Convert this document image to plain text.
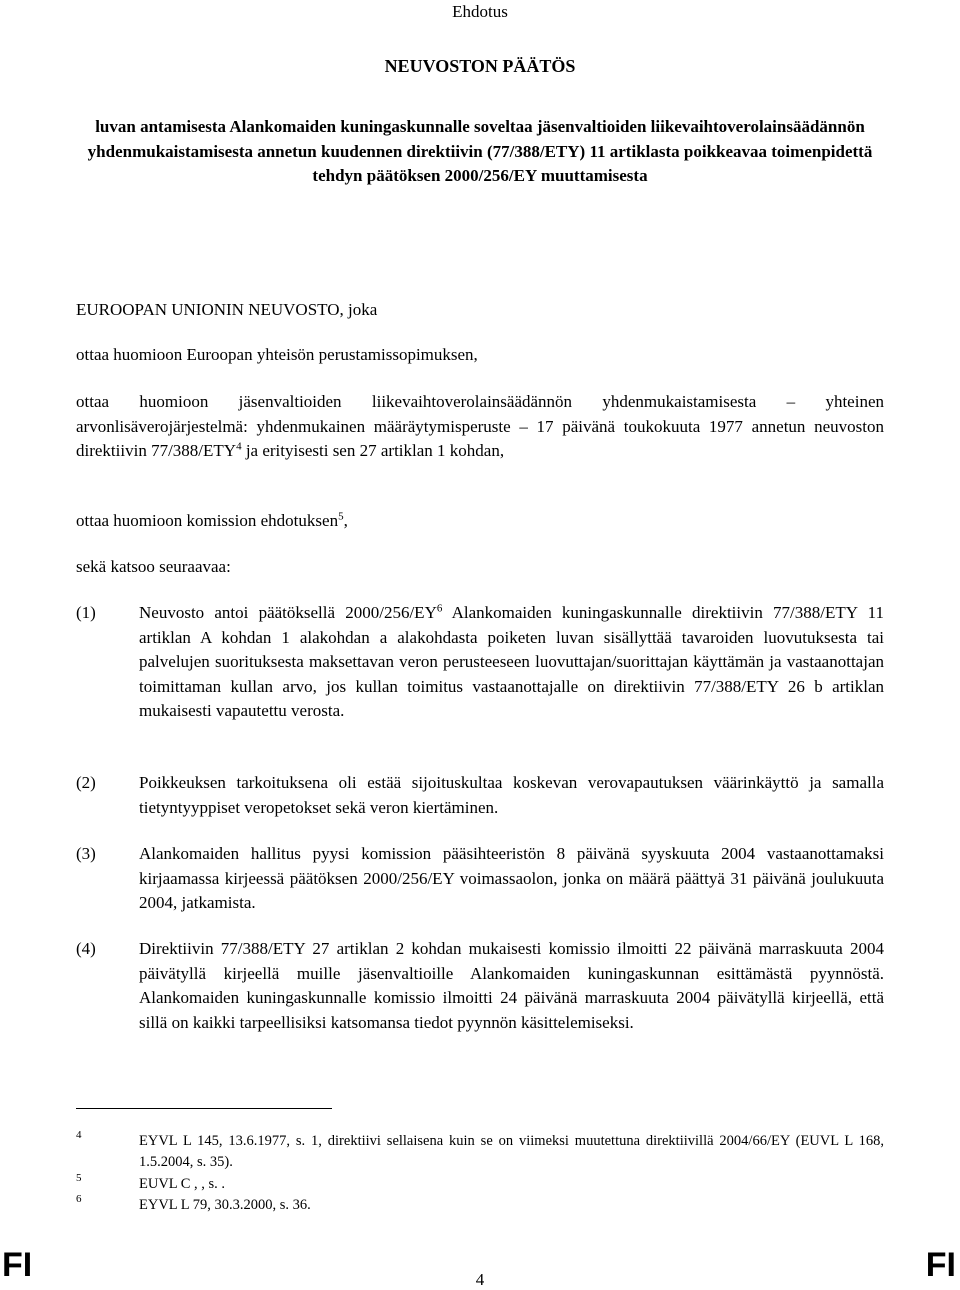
Ehdotus
NEUVOSTON PÄÄTÖS
luvan antamisesta Alankomaiden kuningaskunnalle soveltaa jäsenvaltioiden liikevaihtoverolainsäädännön yhdenmukaistamisesta annetun kuudennen direktiivin (77/388/ETY) 11 artiklasta poikkeavaa toimenpidettä tehdyn päätöksen 2000/256/EY muuttamisesta
EUROOPAN UNIONIN NEUVOSTO, joka
ottaa huomioon Euroopan yhteisön perustamissopimuksen,
ottaa huomioon jäsenvaltioiden liikevaihtoverolainsäädännön yhdenmukaistamisesta – yhteinen arvonlisäverojärjestelmä: yhdenmukainen määräytymisperuste – 17 päivänä toukokuuta 1977 annetun neuvoston direktiivin 77/388/ETY$^4$ ja erityisesti sen 27 artiklan 1 kohdan,
ottaa huomioon komission ehdotuksen$^5$,
sekä katsoo seuraavaa:
(1)	Neuvosto antoi päätöksellä $2000/256/EY^6$ Alankomaiden kuningaskunnalle direktiivin 77/388/ETY 11 artiklan A kohdan 1 alakohdan a alakohdasta poiketen luvan sisällyttää tavaroiden luovutuksesta tai palvelujen suorituksesta maksettavan veron perusteeseen luovuttajan/suorittajan käyttämän ja vastaanottajan toimittaman kullan arvo, jos kullan toimitus vastaanottajalle on direktiivin 77/388/ETY 26 b artiklan mukaisesti vapautettu verosta.
(2)	Poikkeuksen tarkoituksena oli estää sijoituskultaa koskevan verovapautuksen väärinkäyttö ja samalla tietyntyyppiset veropetokset sekä veron kiertäminen.
(3)	Alankomaiden hallitus pyysi komission pääsihteeristön 8 päivänä syyskuuta 2004 vastaanottamaksi kirjaamassa kirjeessä päätöksen 2000/256/EY voimassaolon, jonka on määrä päättyä 31 päivänä joulukuuta 2004, jatkamista.
(4)	Direktiivin 77/388/ETY 27 artiklan 2 kohdan mukaisesti komissio ilmoitti 22 päivänä marraskuuta 2004 päivätyllä kirjeellä muille jäsenvaltioille Alankomaiden kuningaskunnan esittämästä pyynnöstä. Alankomaiden kuningaskunnalle komissio ilmoitti 24 päivänä marraskuuta 2004 päivätyllä kirjeellä, että sillä on kaikki tarpeellisiksi katsomansa tiedot pyynnön käsittelemiseksi.
4	EYVL L 145, 13.6.1977, s. 1, direktiivi sellaisena kuin se on viimeksi muutettuna direktiivillä 2004/66/EY (EUVL L 168, 1.5.2004, s. 35).
5	EUVL C , , s. .
6	EYVL L 79, 30.3.2000, s. 36.
FI	4	FI
